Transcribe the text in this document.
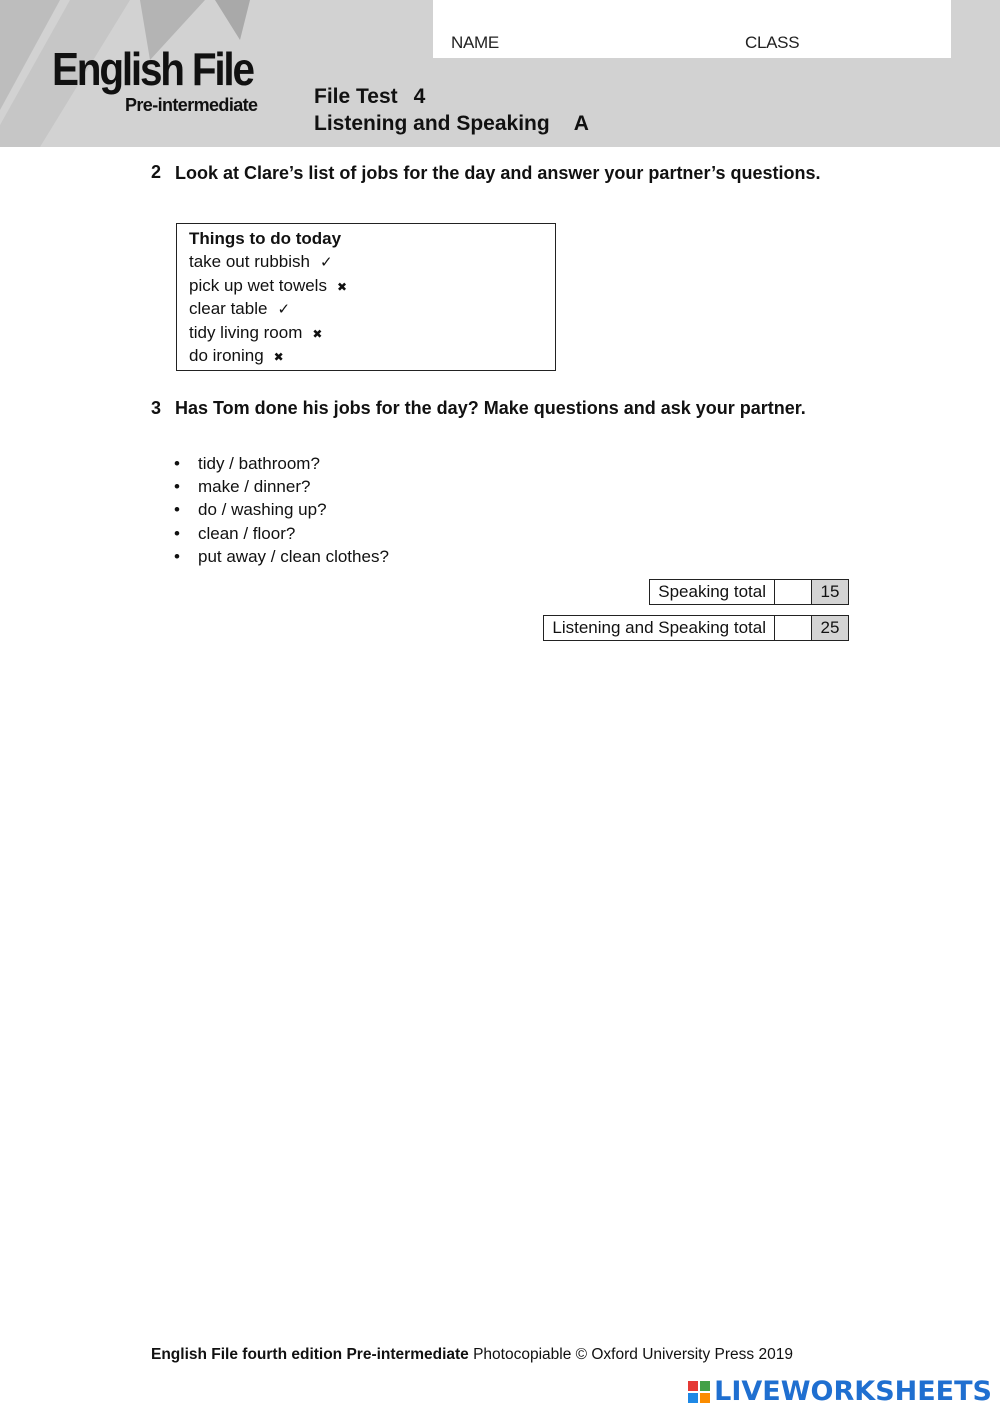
English File
Pre-intermediate
NAME	CLASS
File Test 4
Listening and Speaking A
2 Look at Clare’s list of jobs for the day and answer your partner’s questions.
Things to do today
take out rubbish ✓
pick up wet towels ✖
clear table ✓
tidy living room ✖
do ironing ✖
3 Has Tom done his jobs for the day? Make questions and ask your partner.
• tidy / bathroom?
• make / dinner?
• do / washing up?
• clean / floor?
• put away / clean clothes?
Speaking total	15
Listening and Speaking total	25
English File fourth edition Pre-intermediate Photocopiable © Oxford University Press 2019
LIVEWORKSHEETS
